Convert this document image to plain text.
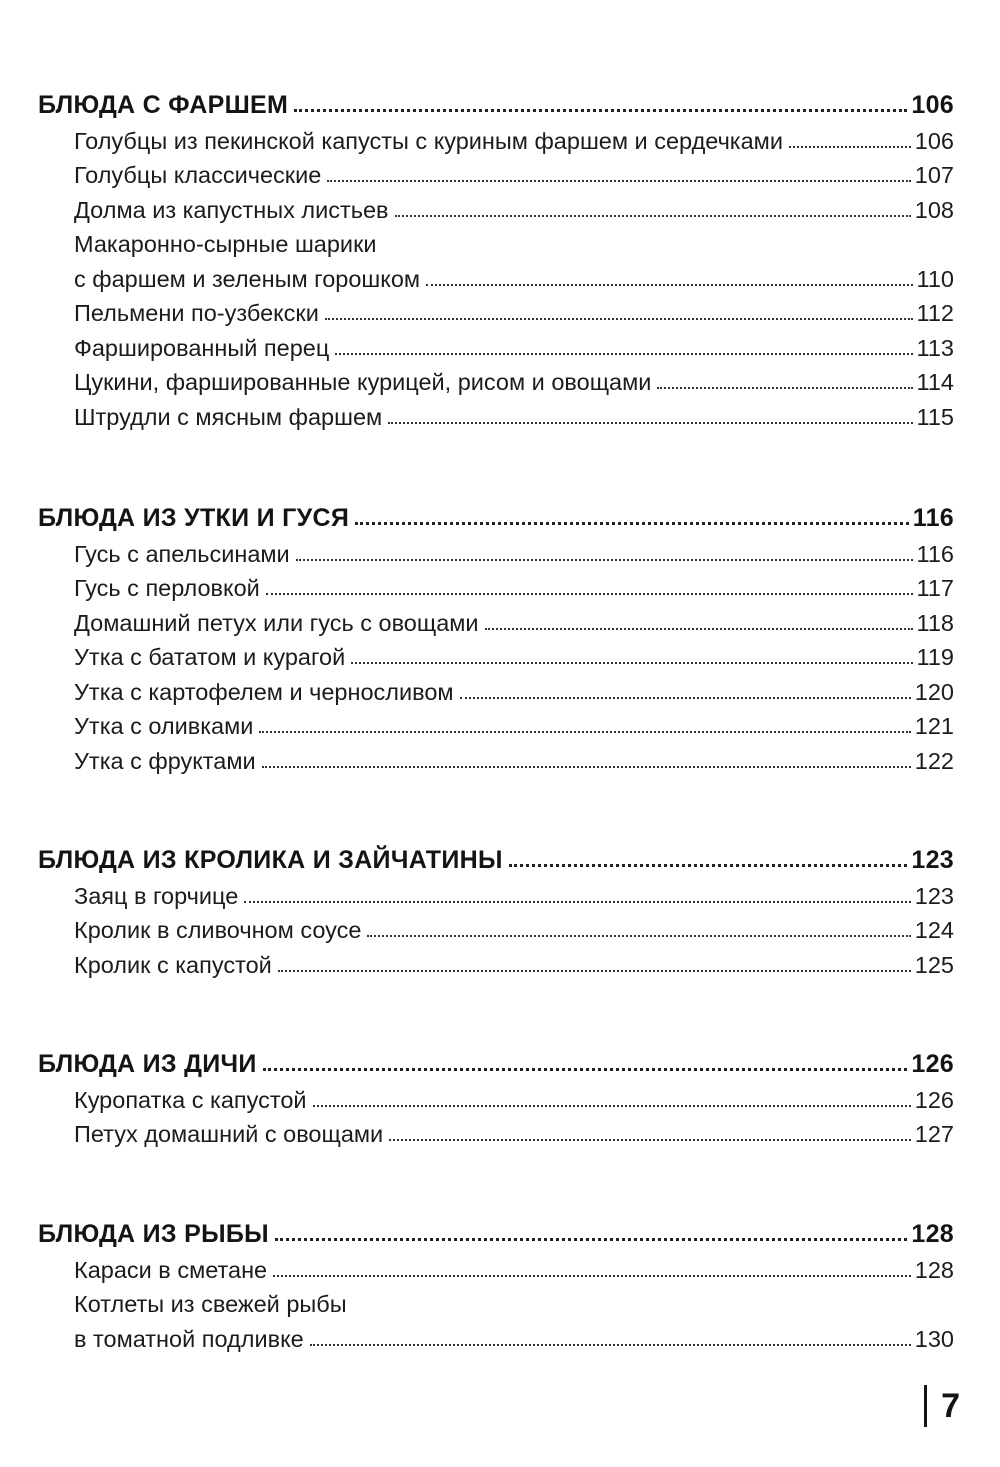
БЛЮДА С ФАРШЕМ	106
Голубцы из пекинской капусты с куриным фаршем и сердечками	106
Голубцы классические	107
Долма из капустных листьев	108
Макаронно-сырные шарики
с фаршем и зеленым горошком	110
Пельмени по-узбекски	112
Фаршированный перец	113
Цукини, фаршированные курицей, рисом и овощами	114
Штрудли с мясным фаршем	115
БЛЮДА ИЗ УТКИ И ГУСЯ	116
Гусь с апельсинами	116
Гусь с перловкой	117
Домашний петух или гусь с овощами	118
Утка с бататом и курагой	119
Утка с картофелем и черносливом	120
Утка с оливками	121
Утка с фруктами	122
БЛЮДА ИЗ КРОЛИКА И ЗАЙЧАТИНЫ	123
Заяц в горчице	123
Кролик в сливочном соусе	124
Кролик с капустой	125
БЛЮДА ИЗ ДИЧИ	126
Куропатка с капустой	126
Петух домашний с овощами	127
БЛЮДА ИЗ РЫБЫ	128
Караси в сметане	128
Котлеты из свежей рыбы
в томатной подливке	130
7
